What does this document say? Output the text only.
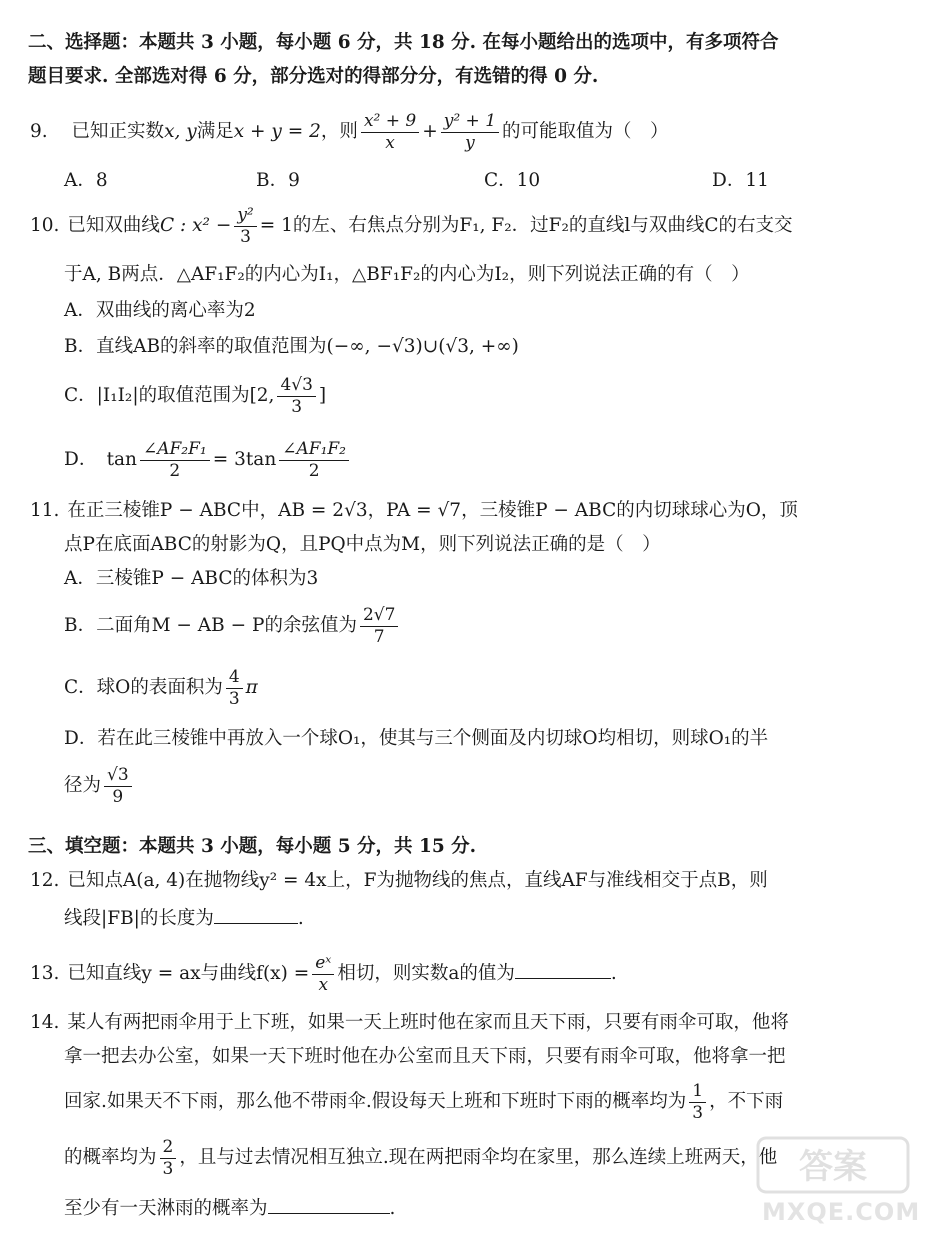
二、选择题：本题共 3 小题，每小题 6 分，共 18 分. 在每小题给出的选项中，有多项符合
题目要求. 全部选对得 6 分，部分选对的得部分分，有选错的得 0 分.
9. 已知正实数x, y满足x + y = 2，则 $\frac{\text{x² + 9}}{x} + \frac{\text{y² + 1}}{y}$ 的可能取值为（　）
A．8	B．9	C．10	D．11
10. 已知双曲线C : $x^2 - \frac{\text{y²}}{3} = 1$的左、右焦点分别为F₁, F₂．过F₂的直线l与双曲线C的右支交
于A, B两点．△AF₁F₂的内心为I₁，△BF₁F₂的内心为I₂，则下列说法正确的有（　）
A．双曲线的离心率为2
B．直线AB的斜率的取值范围为(−∞, −√3)∪(√3, +∞)
C．|I₁I₂|的取值范围为[2, $\frac{4√3}{3}$ ]
D．　$\tan \frac{\text{∠AF₂F₁}}{2} = 3\tan \frac{\text{∠AF₁F₂}}{2}$
11. 在正三棱锥P − ABC中，AB = 2√3，PA = √7，三棱锥P − ABC的内切球球心为O，顶
点P在底面ABC的射影为Q，且PQ中点为M，则下列说法正确的是（　）
A．三棱锥P − ABC的体积为3
B．二面角M − AB − P的余弦值为 $\frac{2√7}{7}$
C．球O的表面积为 $\frac{4}{3}$ π
D．若在此三棱锥中再放入一个球O₁，使其与三个侧面及内切球O均相切，则球O₁的半
径为 $\frac{√3}{9}$
三、填空题：本题共 3 小题，每小题 5 分，共 15 分.
12. 已知点A(a, 4)在抛物线y² = 4x上，F为抛物线的焦点，直线AF与准线相交于点B，则
线段|FB|的长度为	.
13. 已知直线y = ax与曲线$f(x) = \frac{\text{eˣ}}{x}$ 相切，则实数a的值为	.
14. 某人有两把雨伞用于上下班，如果一天上班时他在家而且天下雨，只要有雨伞可取，他将
拿一把去办公室，如果一天下班时他在办公室而且天下雨，只要有雨伞可取，他将拿一把
回家.如果天不下雨，那么他不带雨伞.假设每天上班和下班时下雨的概率均为 $\frac{1}{3}$ ，不下雨
的概率均为 $\frac{2}{3}$ ，且与过去情况相互独立.现在两把雨伞均在家里，那么连续上班两天，他
至少有一天淋雨的概率为	.
答案
MXQE.COM
